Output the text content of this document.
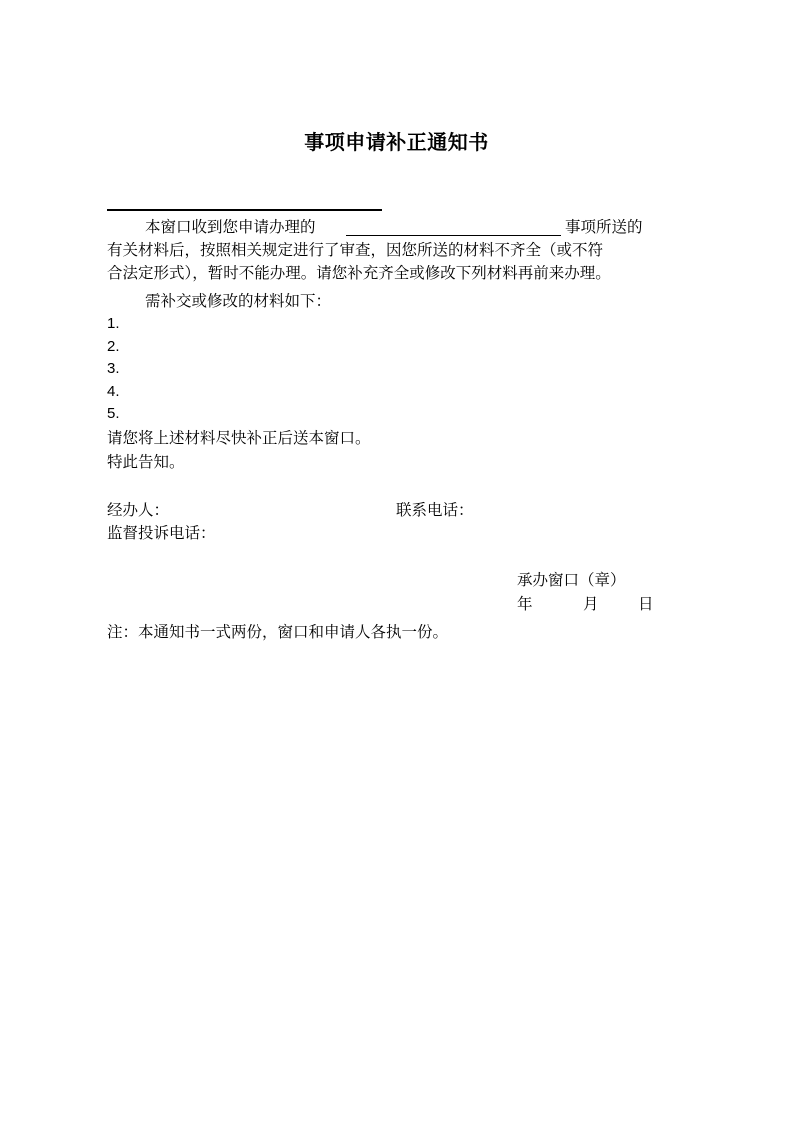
事项申请补正通知书
本窗口收到您申请办理的	事项所送的
有关材料后，按照相关规定进行了审查，因您所送的材料不齐全（或不符
合法定形式），暂时不能办理。请您补充齐全或修改下列材料再前来办理。
需补交或修改的材料如下：
1.
2.
3.
4.
5.
请您将上述材料尽快补正后送本窗口。
特此告知。
经办人：	联系电话：
监督投诉电话：
承办窗口（章）
年	月	日
注：本通知书一式两份，窗口和申请人各执一份。
